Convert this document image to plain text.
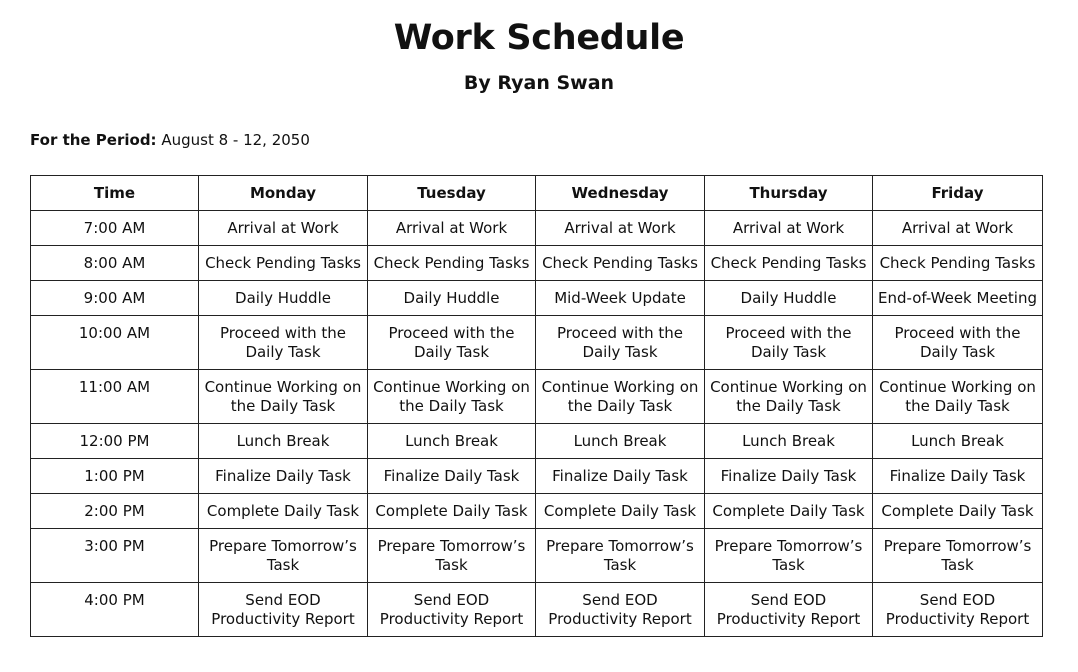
Work Schedule
By Ryan Swan
For the Period: August 8 - 12, 2050
Time	Monday	Tuesday	Wednesday	Thursday	Friday
7:00 AM	Arrival at Work	Arrival at Work	Arrival at Work	Arrival at Work	Arrival at Work
8:00 AM	Check Pending Tasks	Check Pending Tasks	Check Pending Tasks	Check Pending Tasks	Check Pending Tasks
9:00 AM	Daily Huddle	Daily Huddle	Mid-Week Update	Daily Huddle	End-of-Week Meeting
10:00 AM	Proceed with the Daily Task	Proceed with the Daily Task	Proceed with the Daily Task	Proceed with the Daily Task	Proceed with the Daily Task
11:00 AM	Continue Working on the Daily Task	Continue Working on the Daily Task	Continue Working on the Daily Task	Continue Working on the Daily Task	Continue Working on the Daily Task
12:00 PM	Lunch Break	Lunch Break	Lunch Break	Lunch Break	Lunch Break
1:00 PM	Finalize Daily Task	Finalize Daily Task	Finalize Daily Task	Finalize Daily Task	Finalize Daily Task
2:00 PM	Complete Daily Task	Complete Daily Task	Complete Daily Task	Complete Daily Task	Complete Daily Task
3:00 PM	Prepare Tomorrow’s Task	Prepare Tomorrow’s Task	Prepare Tomorrow’s Task	Prepare Tomorrow’s Task	Prepare Tomorrow’s Task
4:00 PM	Send EOD Productivity Report	Send EOD Productivity Report	Send EOD Productivity Report	Send EOD Productivity Report	Send EOD Productivity Report
